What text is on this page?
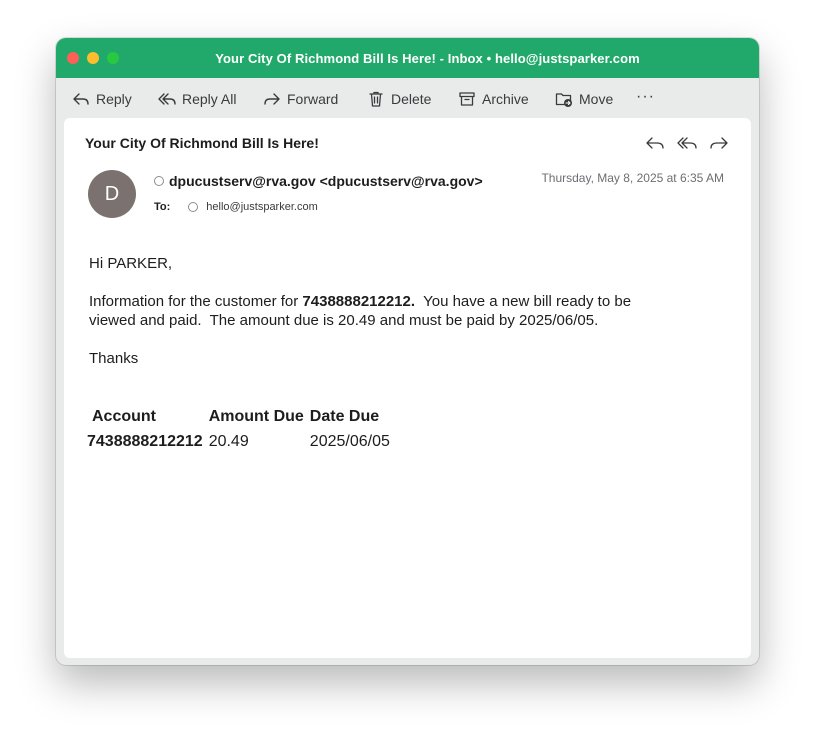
Your City Of Richmond Bill Is Here! - Inbox • hello@justsparker.com
Reply	Reply All	Forward	Delete	Archive	Move ···
Your City Of Richmond Bill Is Here!
D
dpucustserv@rva.gov <dpucustserv@rva.gov>	Thursday, May 8, 2025 at 6:35 AM
To:	hello@justsparker.com

Hi PARKER,

Information for the customer for 7438888212212.  You have a new bill ready to be
viewed and paid.  The amount due is 20.49 and must be paid by 2025/06/05.

Thanks

Account	Amount Due	Date Due
7438888212212	20.49	2025/06/05
